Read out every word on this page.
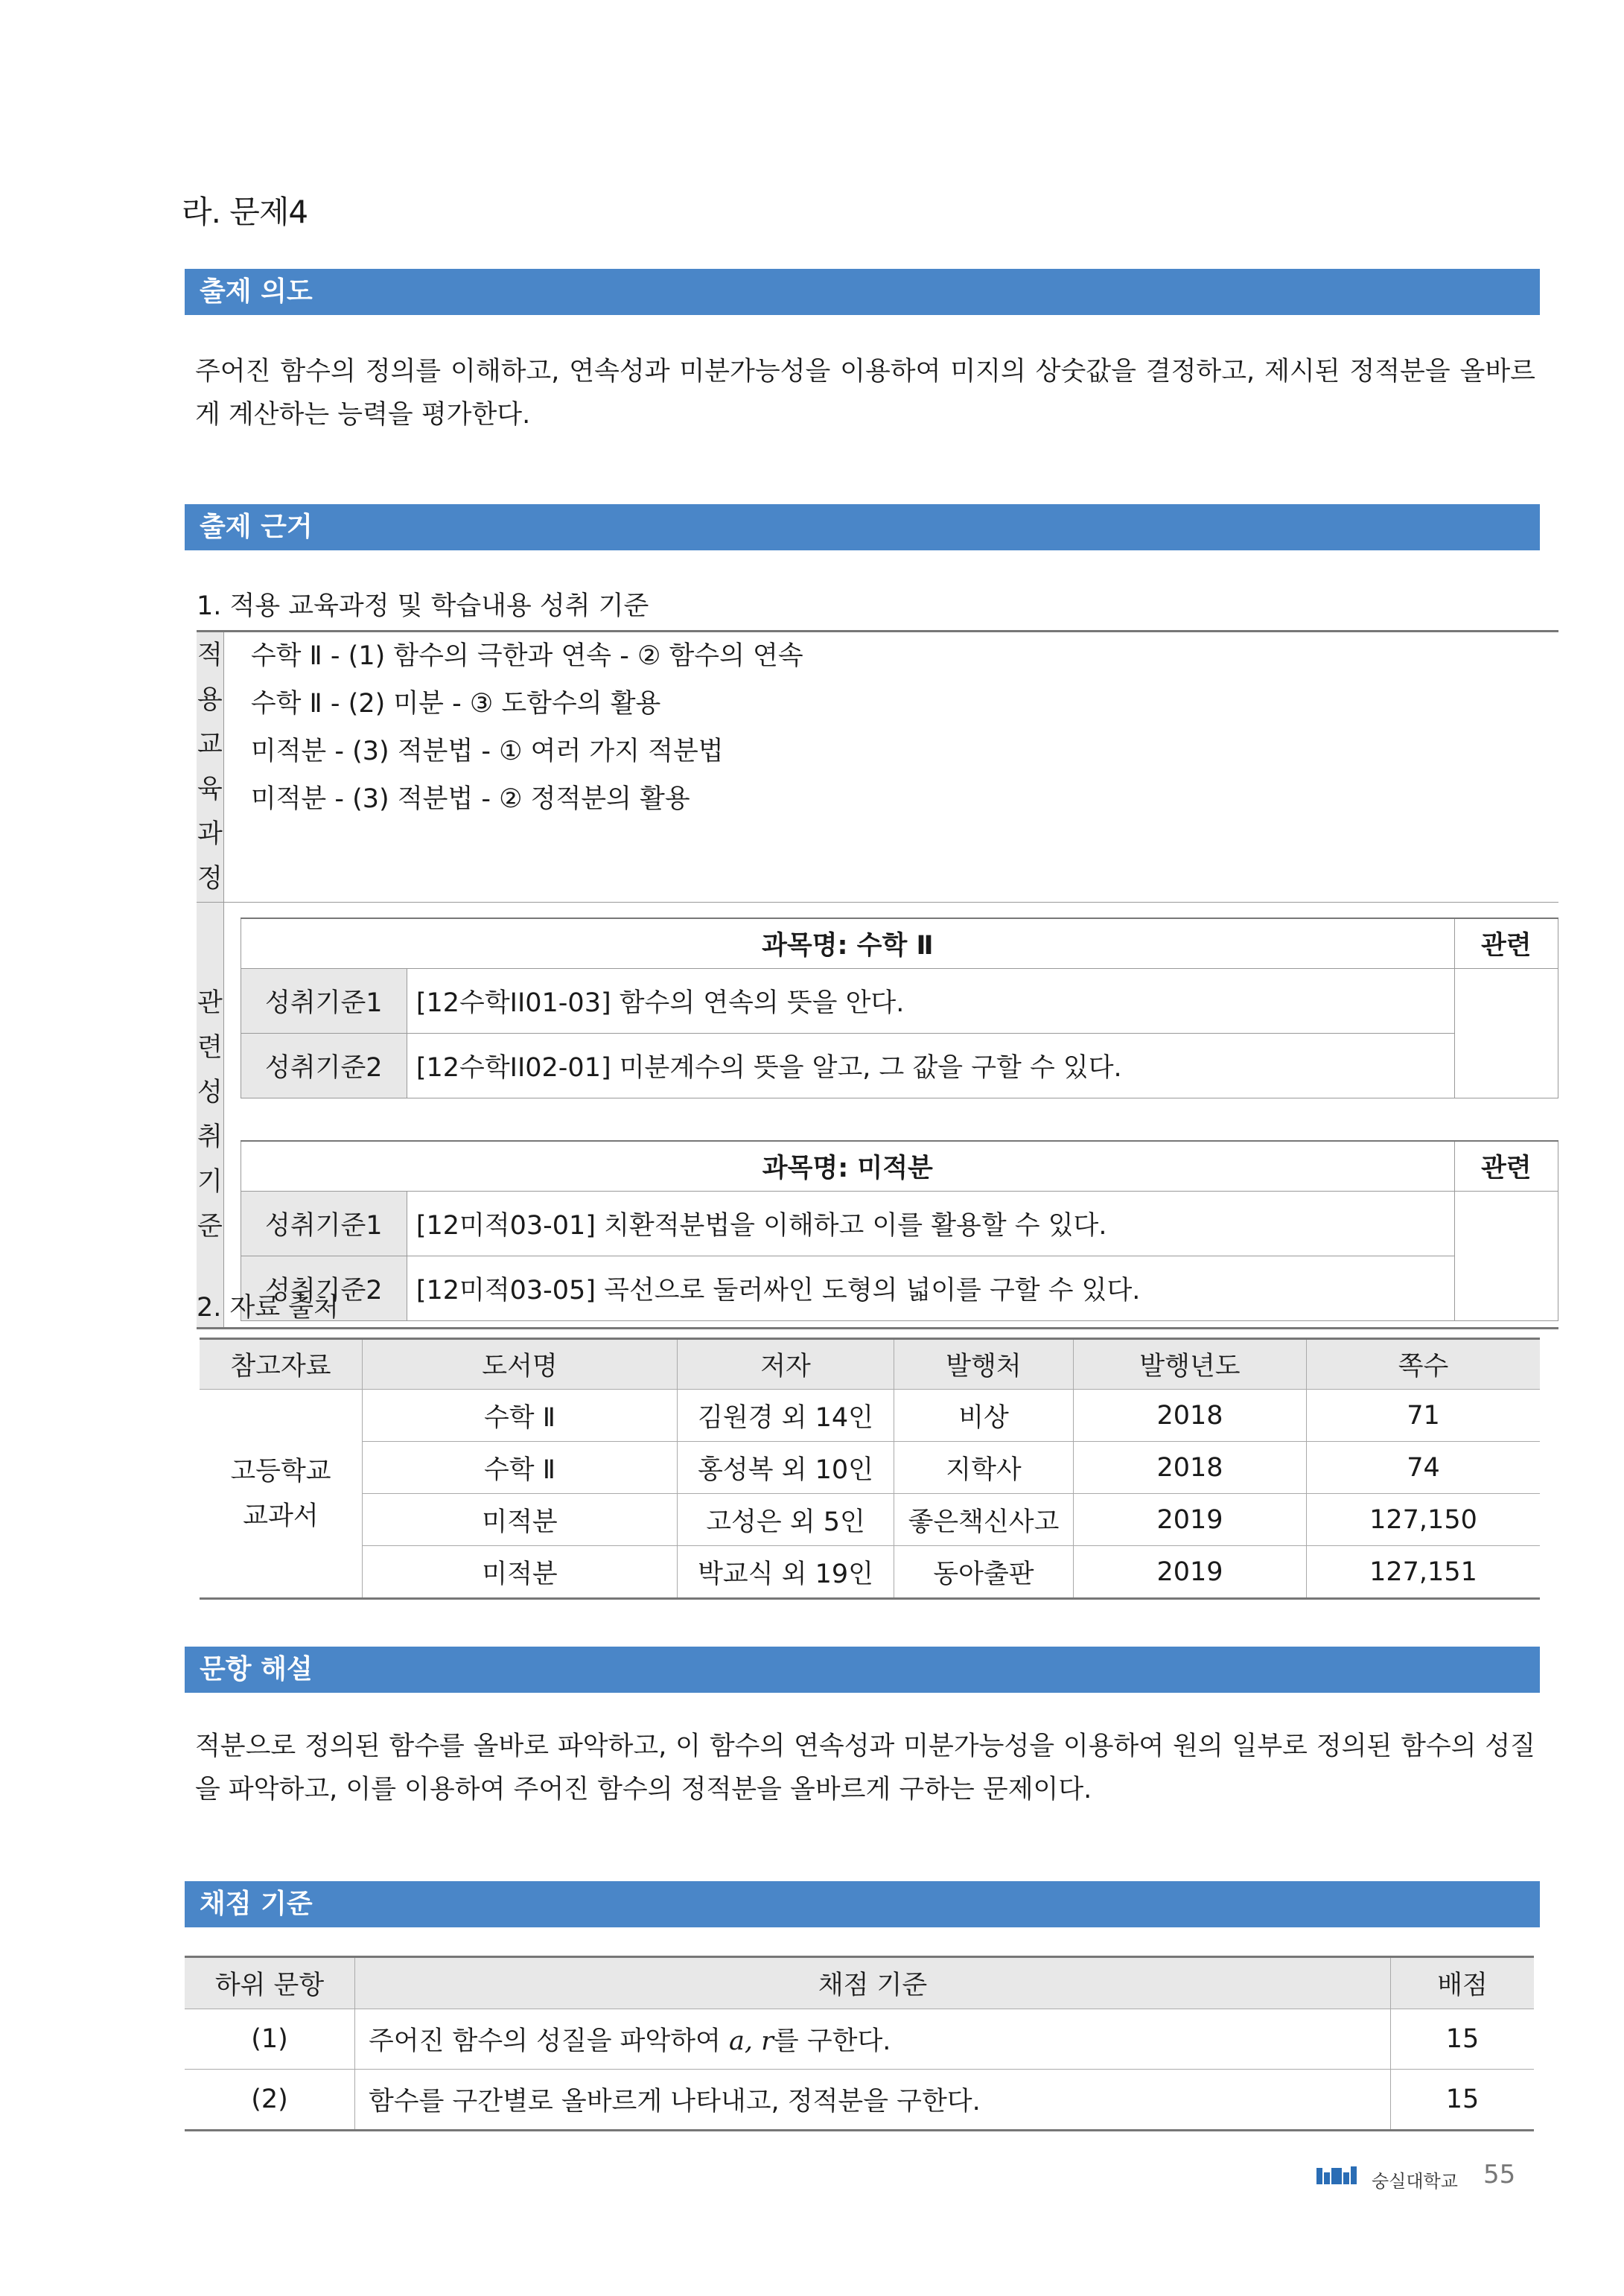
라. 문제4
출제 의도
주어진 함수의 정의를 이해하고, 연속성과 미분가능성을 이용하여 미지의 상숫값을 결정하고, 제시된 정적분을 올바르게 계산하는 능력을 평가한다.
출제 근거
1. 적용 교육과정 및 학습내용 성취 기준
적용
교육과정

수학 Ⅱ - (1) 함수의 극한과 연속 - ② 함수의 연속
수학 Ⅱ - (2) 미분 - ③ 도함수의 활용
미적분 - (3) 적분법 - ① 여러 가지 적분법
미적분 - (3) 적분법 - ② 정적분의 활용

관련
성취기준

과목명: 수학 Ⅱ	관련
성취기준1	[12수학II01-03] 함수의 연속의 뜻을 안다.	
성취기준2	[12수학II02-01] 미분계수의 뜻을 알고, 그 값을 구할 수 있다.
과목명: 미적분	관련
성취기준1	[12미적03-01] 치환적분법을 이해하고 이를 활용할 수 있다.	
성취기준2	[12미적03-05] 곡선으로 둘러싸인 도형의 넓이를 구할 수 있다.
2. 자료 출처
참고자료	도서명	저자	발행처	발행년도	쪽수

고등학교
교과서	수학 Ⅱ	김원경 외 14인	비상	2018	71
	수학 Ⅱ	홍성복 외 10인	지학사	2018	74
	미적분	고성은 외 5인	좋은책신사고	2019	127,150
	미적분	박교식 외 19인	동아출판	2019	127,151
문항 해설
적분으로 정의된 함수를 올바로 파악하고, 이 함수의 연속성과 미분가능성을 이용하여 원의 일부로 정의된 함수의 성질을 파악하고, 이를 이용하여 주어진 함수의 정적분을 올바르게 구하는 문제이다.
채점 기준
하위 문항	채점 기준	배점
(1)	주어진 함수의 성질을 파악하여 a, r를 구한다.	15
(2)	함수를 구간별로 올바르게 나타내고, 정적분을 구한다.	15
숭실대학교 55
